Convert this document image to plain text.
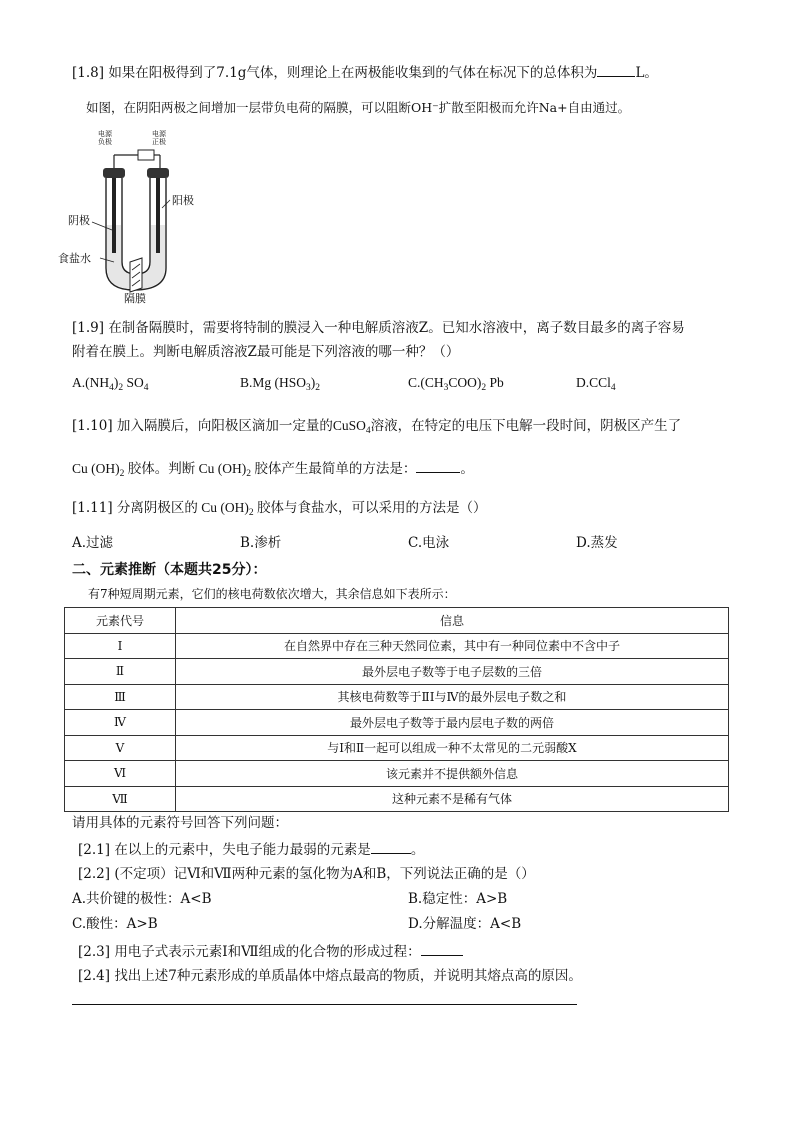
[1.8] 如果在阳极得到了7.1g气体，则理论上在两极能收集到的气体在标况下的总体积为	L。
如图，在阴阳两极之间增加一层带负电荷的隔膜，可以阻断OH⁻扩散至阳极而允许Na+自由通过。
电源
负极
电源
正极
阳极
阴极
食盐水
隔膜
[1.9] 在制备隔膜时，需要将特制的膜浸入一种电解质溶液Z。已知水溶液中，离子数目最多的离子容易
附着在膜上。判断电解质溶液Z最可能是下列溶液的哪一种？（）
$A.(NH_4)_2$ $SO_4$	B.Mg $(HSO_3)_2$	$C.(CH_3COO)_2$ Pb	D.CCl$_4$
[1.10] 加入隔膜后，向阳极区滴加一定量的CuSO$_4$溶液，在特定的电压下电解一段时间，阴极区产生了
Cu $(OH)_2$ 胶体。判断 Cu $(OH)_2$ 胶体产生最简单的方法是：	。
[1.11] 分离阴极区的 Cu $(OH)_2$ 胶体与食盐水，可以采用的方法是（）
A.过滤	B.渗析	C.电泳	D.蒸发
二、元素推断（本题共25分）：
有7种短周期元素，它们的核电荷数依次增大，其余信息如下表所示：
元素代号	信息
Ⅰ	在自然界中存在三种天然同位素，其中有一种同位素中不含中子
Ⅱ	最外层电子数等于电子层数的三倍
Ⅲ	其核电荷数等于ⅡⅠ与Ⅳ的最外层电子数之和
Ⅳ	最外层电子数等于最内层电子数的两倍
Ⅴ	与Ⅰ和Ⅱ一起可以组成一种不太常见的二元弱酸X
Ⅵ	该元素并不提供额外信息
Ⅶ	这种元素不是稀有气体
请用具体的元素符号回答下列问题：
[2.1] 在以上的元素中，失电子能力最弱的元素是	。
[2.2] (不定项）记Ⅵ和Ⅶ两种元素的氢化物为A和B，下列说法正确的是（）
A.共价键的极性：A<B	B.稳定性：A>B
C.酸性：A>B	D.分解温度：A<B
[2.3] 用电子式表示元素Ⅰ和Ⅶ组成的化合物的形成过程：
[2.4] 找出上述7种元素形成的单质晶体中熔点最高的物质，并说明其熔点高的原因。
